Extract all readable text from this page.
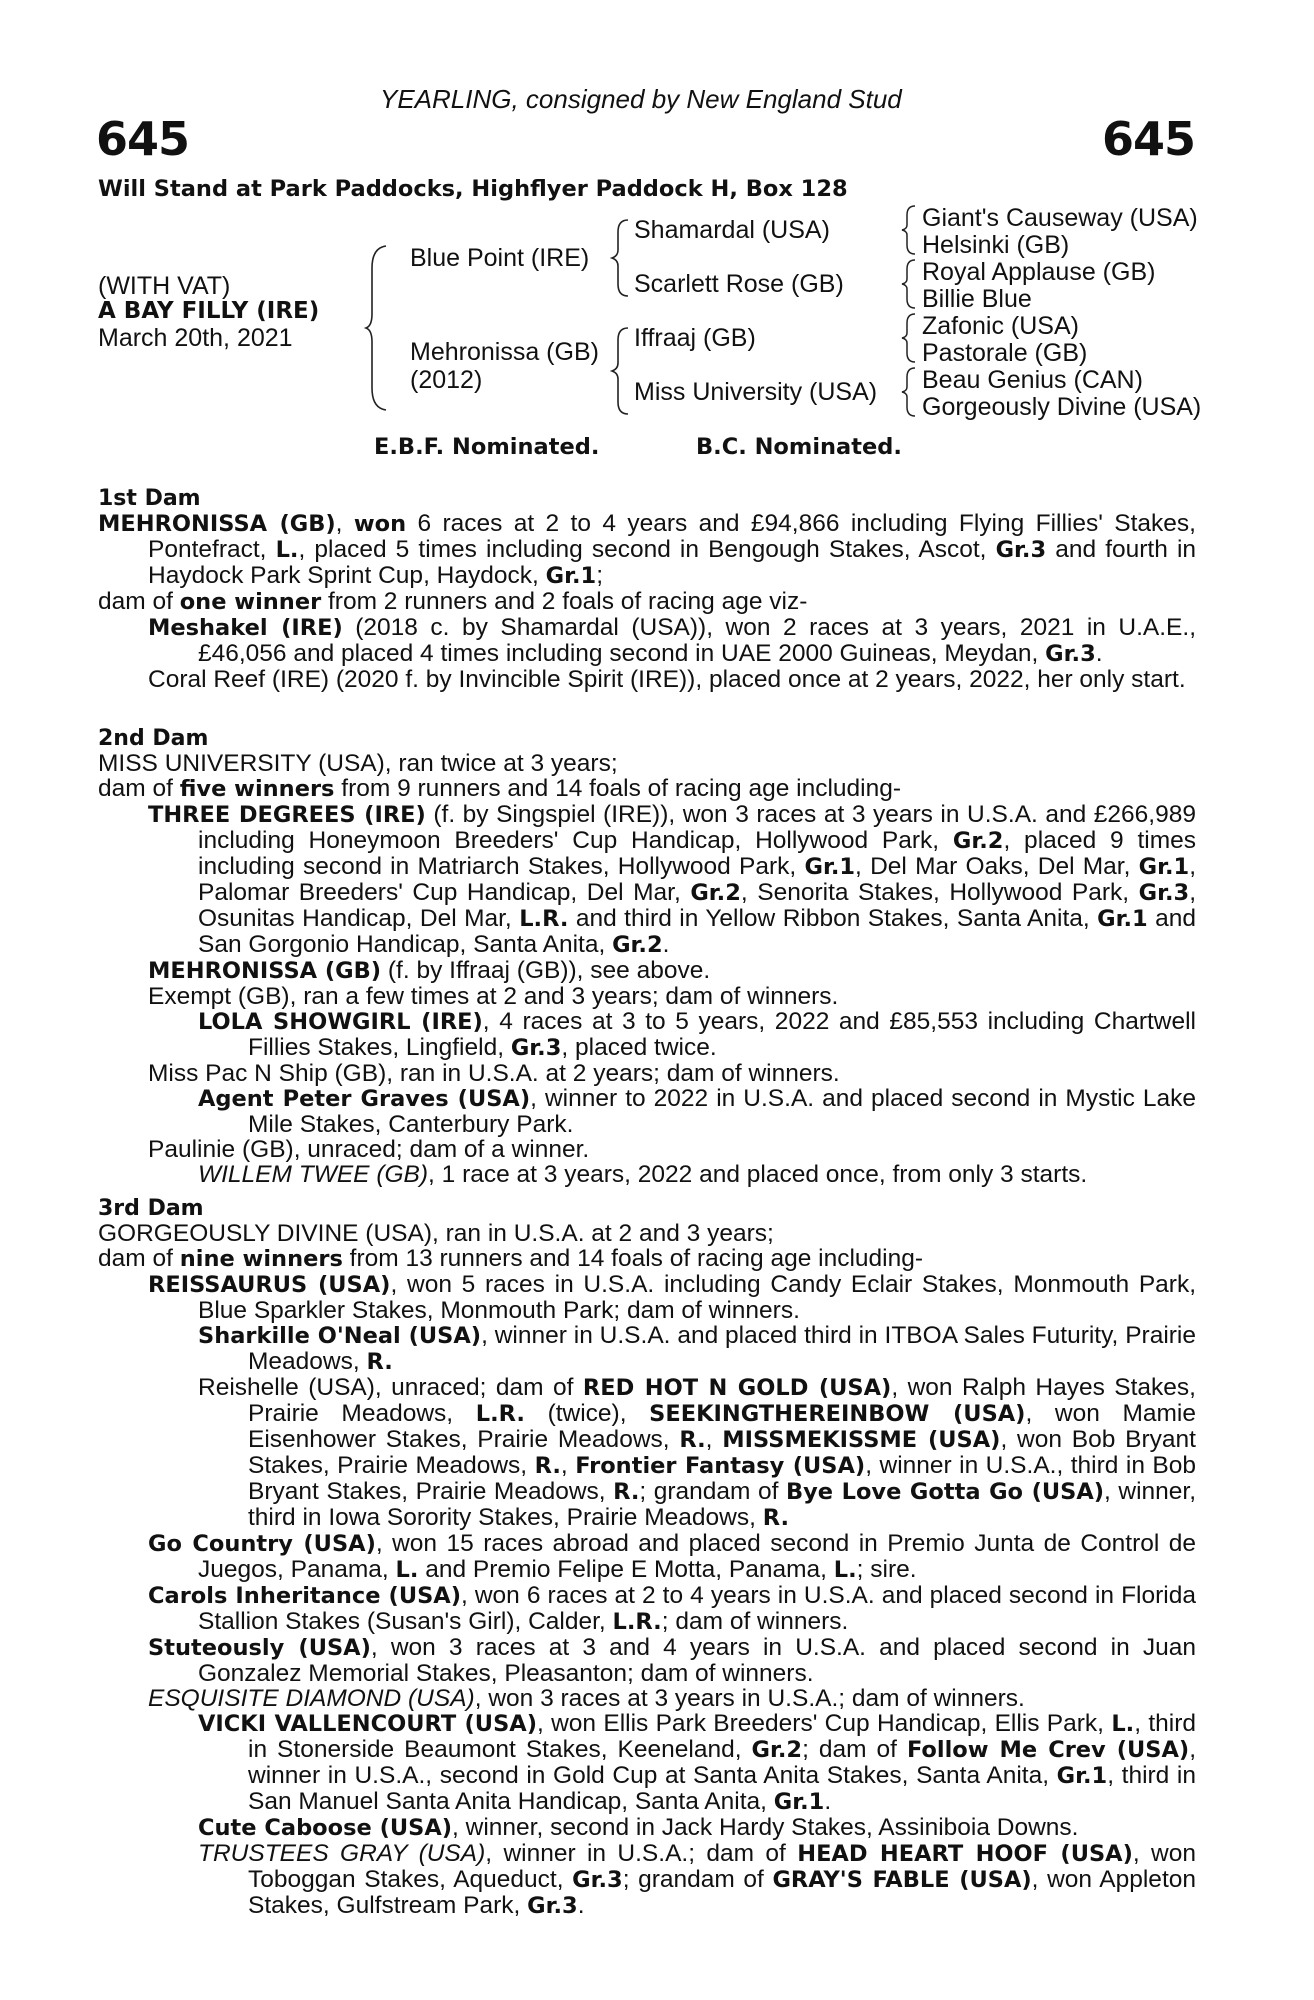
YEARLING, consigned by New England Stud
645	645
Will Stand at Park Paddocks, Highflyer Paddock H, Box 128
(WITH VAT)
A BAY FILLY (IRE)
March 20th, 2021
Blue Point (IRE)
Mehronissa (GB)
(2012)
Shamardal (USA)
Scarlett Rose (GB)
Iffraaj (GB)
Miss University (USA)
Giant's Causeway (USA)
Helsinki (GB)
Royal Applause (GB)
Billie Blue
Zafonic (USA)
Pastorale (GB)
Beau Genius (CAN)
Gorgeously Divine (USA)
E.B.F. Nominated.	B.C. Nominated.

1st Dam

MEHRONISSA (GB), won 6 races at 2 to 4 years and £94,866 including Flying Fillies' Stakes, Pontefract, L., placed 5 times including second in Bengough Stakes, Ascot, Gr.3 and fourth in Haydock Park Sprint Cup, Haydock, Gr.1;

dam of one winner from 2 runners and 2 foals of racing age viz-

Meshakel (IRE) (2018 c. by Shamardal (USA)), won 2 races at 3 years, 2021 in U.A.E., £46,056 and placed 4 times including second in UAE 2000 Guineas, Meydan, Gr.3.

Coral Reef (IRE) (2020 f. by Invincible Spirit (IRE)), placed once at 2 years, 2022, her only start.

2nd Dam

MISS UNIVERSITY (USA), ran twice at 3 years;

dam of five winners from 9 runners and 14 foals of racing age including-

THREE DEGREES (IRE) (f. by Singspiel (IRE)), won 3 races at 3 years in U.S.A. and £266,989 including Honeymoon Breeders' Cup Handicap, Hollywood Park, Gr.2, placed 9 times including second in Matriarch Stakes, Hollywood Park, Gr.1, Del Mar Oaks, Del Mar, Gr.1, Palomar Breeders' Cup Handicap, Del Mar, Gr.2, Senorita Stakes, Hollywood Park, Gr.3, Osunitas Handicap, Del Mar, L.R. and third in Yellow Ribbon Stakes, Santa Anita, Gr.1 and San Gorgonio Handicap, Santa Anita, Gr.2.

MEHRONISSA (GB) (f. by Iffraaj (GB)), see above.

Exempt (GB), ran a few times at 2 and 3 years; dam of winners.

LOLA SHOWGIRL (IRE), 4 races at 3 to 5 years, 2022 and £85,553 including Chartwell Fillies Stakes, Lingfield, Gr.3, placed twice.

Miss Pac N Ship (GB), ran in U.S.A. at 2 years; dam of winners.

Agent Peter Graves (USA), winner to 2022 in U.S.A. and placed second in Mystic Lake Mile Stakes, Canterbury Park.

Paulinie (GB), unraced; dam of a winner.

WILLEM TWEE (GB), 1 race at 3 years, 2022 and placed once, from only 3 starts.

3rd Dam

GORGEOUSLY DIVINE (USA), ran in U.S.A. at 2 and 3 years;

dam of nine winners from 13 runners and 14 foals of racing age including-

REISSAURUS (USA), won 5 races in U.S.A. including Candy Eclair Stakes, Monmouth Park, Blue Sparkler Stakes, Monmouth Park; dam of winners.

Sharkille O'Neal (USA), winner in U.S.A. and placed third in ITBOA Sales Futurity, Prairie Meadows, R.

Reishelle (USA), unraced; dam of RED HOT N GOLD (USA), won Ralph Hayes Stakes, Prairie Meadows, L.R. (twice), SEEKINGTHEREINBOW (USA), won Mamie Eisenhower Stakes, Prairie Meadows, R., MISSMEKISSME (USA), won Bob Bryant Stakes, Prairie Meadows, R., Frontier Fantasy (USA), winner in U.S.A., third in Bob Bryant Stakes, Prairie Meadows, R.; grandam of Bye Love Gotta Go (USA), winner, third in Iowa Sorority Stakes, Prairie Meadows, R.

Go Country (USA), won 15 races abroad and placed second in Premio Junta de Control de Juegos, Panama, L. and Premio Felipe E Motta, Panama, L.; sire.

Carols Inheritance (USA), won 6 races at 2 to 4 years in U.S.A. and placed second in Florida Stallion Stakes (Susan's Girl), Calder, L.R.; dam of winners.

Stuteously (USA), won 3 races at 3 and 4 years in U.S.A. and placed second in Juan Gonzalez Memorial Stakes, Pleasanton; dam of winners.

ESQUISITE DIAMOND (USA), won 3 races at 3 years in U.S.A.; dam of winners.

VICKI VALLENCOURT (USA), won Ellis Park Breeders' Cup Handicap, Ellis Park, L., third in Stonerside Beaumont Stakes, Keeneland, Gr.2; dam of Follow Me Crev (USA), winner in U.S.A., second in Gold Cup at Santa Anita Stakes, Santa Anita, Gr.1, third in San Manuel Santa Anita Handicap, Santa Anita, Gr.1.

Cute Caboose (USA), winner, second in Jack Hardy Stakes, Assiniboia Downs.

TRUSTEES GRAY (USA), winner in U.S.A.; dam of HEAD HEART HOOF (USA), won Toboggan Stakes, Aqueduct, Gr.3; grandam of GRAY'S FABLE (USA), won Appleton Stakes, Gulfstream Park, Gr.3.
